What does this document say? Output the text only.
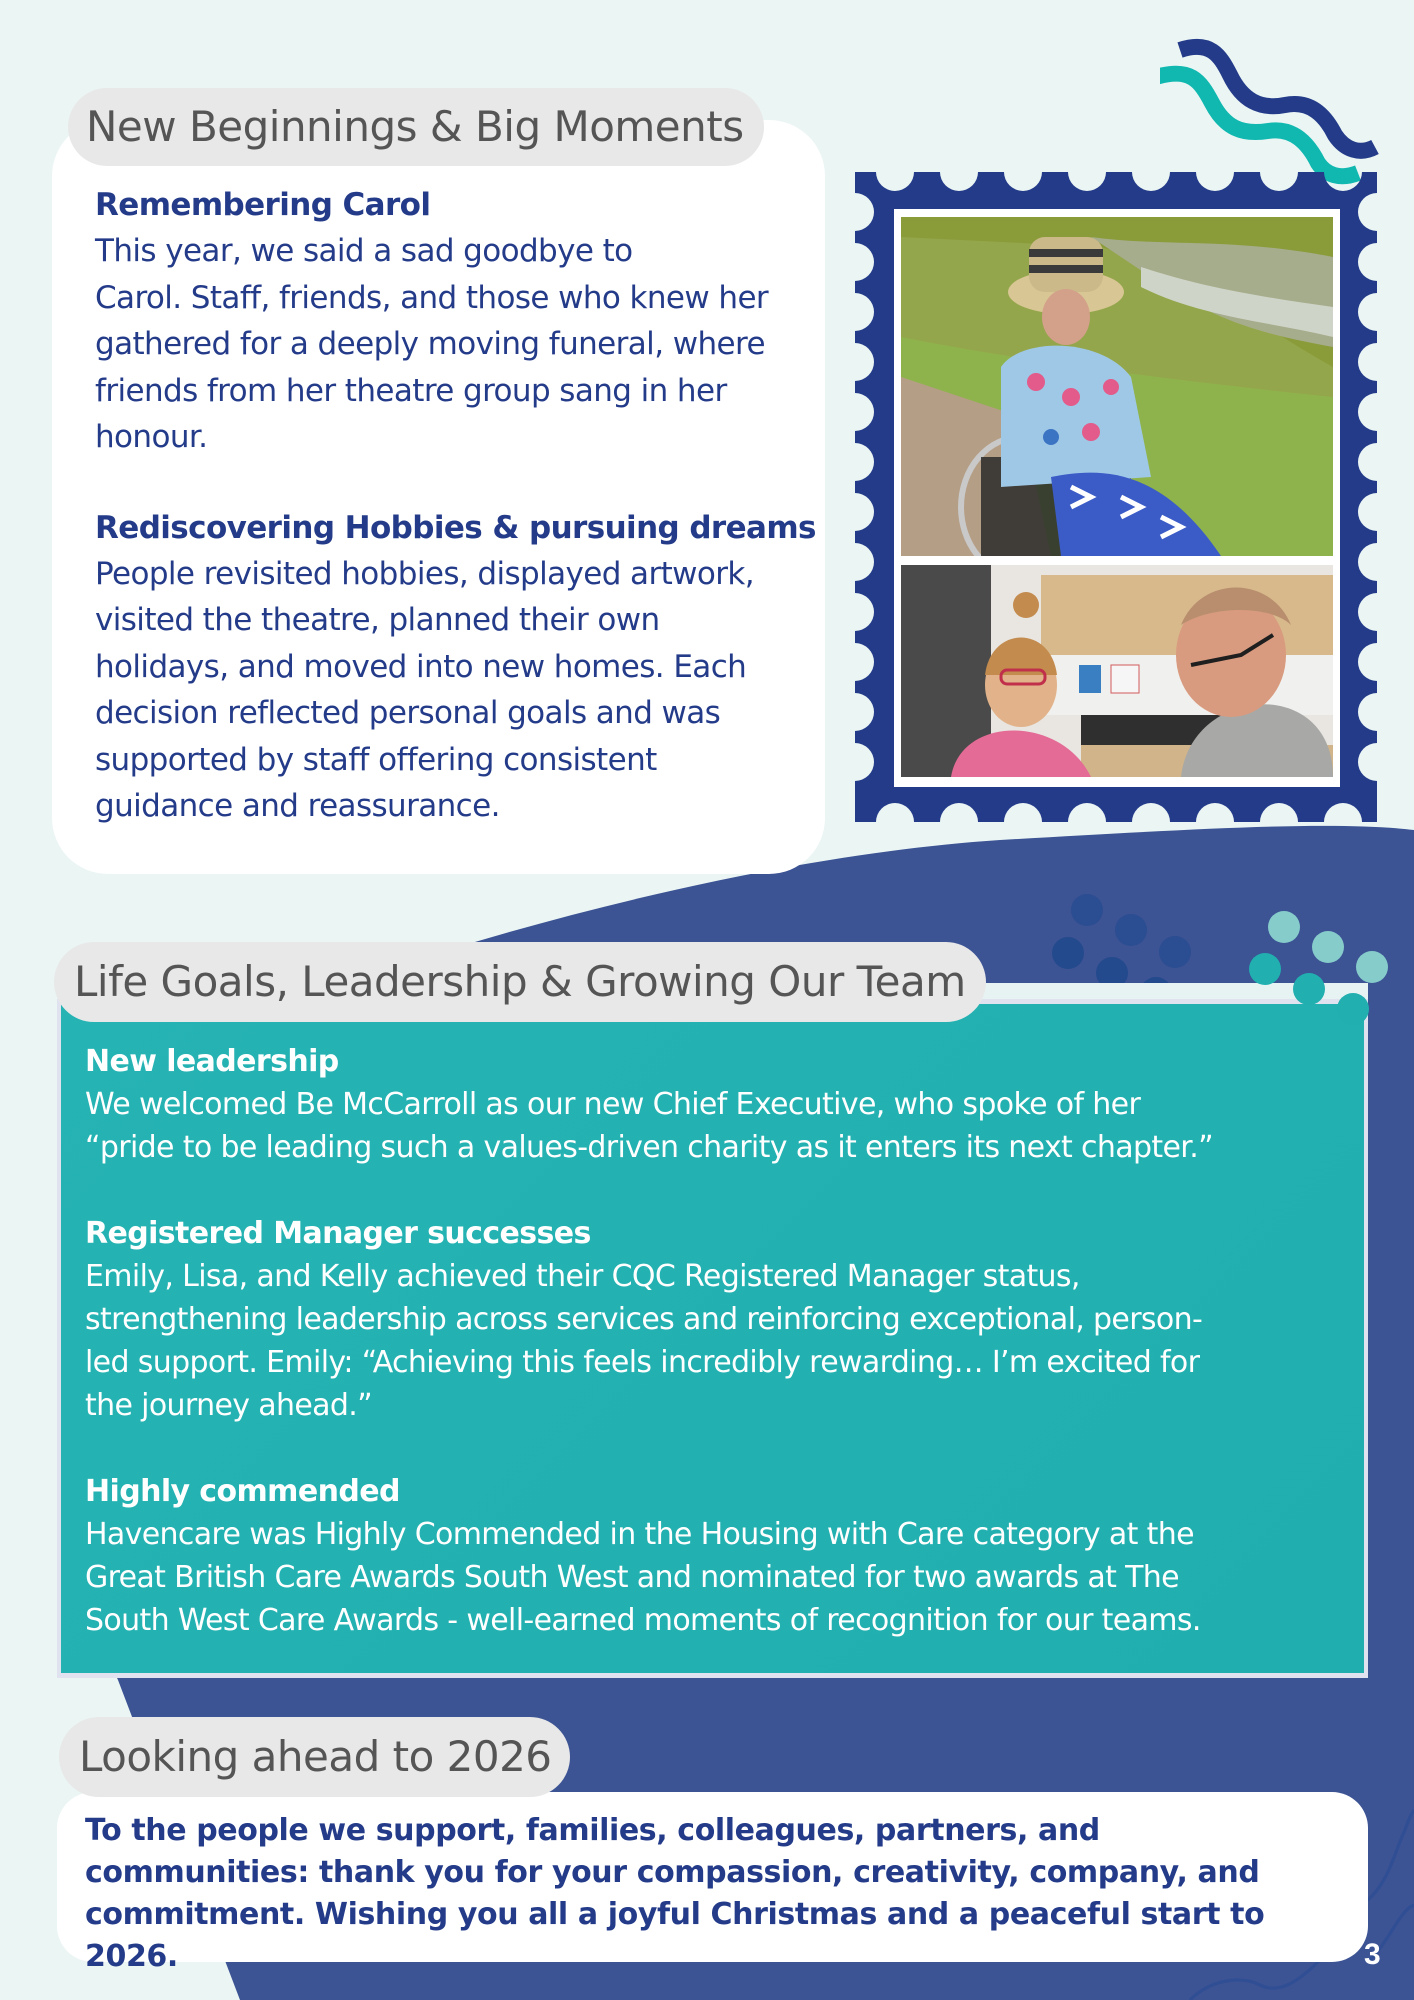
New Beginnings & Big Moments
Remembering Carol
This year, we said a sad goodbye to
Carol. Staff, friends, and those who knew her
gathered for a deeply moving funeral, where
friends from her theatre group sang in her
honour.
Rediscovering Hobbies & pursuing dreams
People revisited hobbies, displayed artwork,
visited the theatre, planned their own
holidays, and moved into new homes. Each
decision reflected personal goals and was
supported by staff offering consistent
guidance and reassurance.
New leadership
We welcomed Be McCarroll as our new Chief Executive, who spoke of her
“pride to be leading such a values-driven charity as it enters its next chapter.”
Registered Manager successes
Emily, Lisa, and Kelly achieved their CQC Registered Manager status,
strengthening leadership across services and reinforcing exceptional, person-
led support. Emily: “Achieving this feels incredibly rewarding… I’m excited for
the journey ahead.”
Highly commended
Havencare was Highly Commended in the Housing with Care category at the
Great British Care Awards South West and nominated for two awards at The
South West Care Awards - well-earned moments of recognition for our teams.
Life Goals, Leadership & Growing Our Team
To the people we support, families, colleagues, partners, and
communities: thank you for your compassion, creativity, company, and
commitment. Wishing you all a joyful Christmas and a peaceful start to 2026.
Looking ahead to 2026
3
